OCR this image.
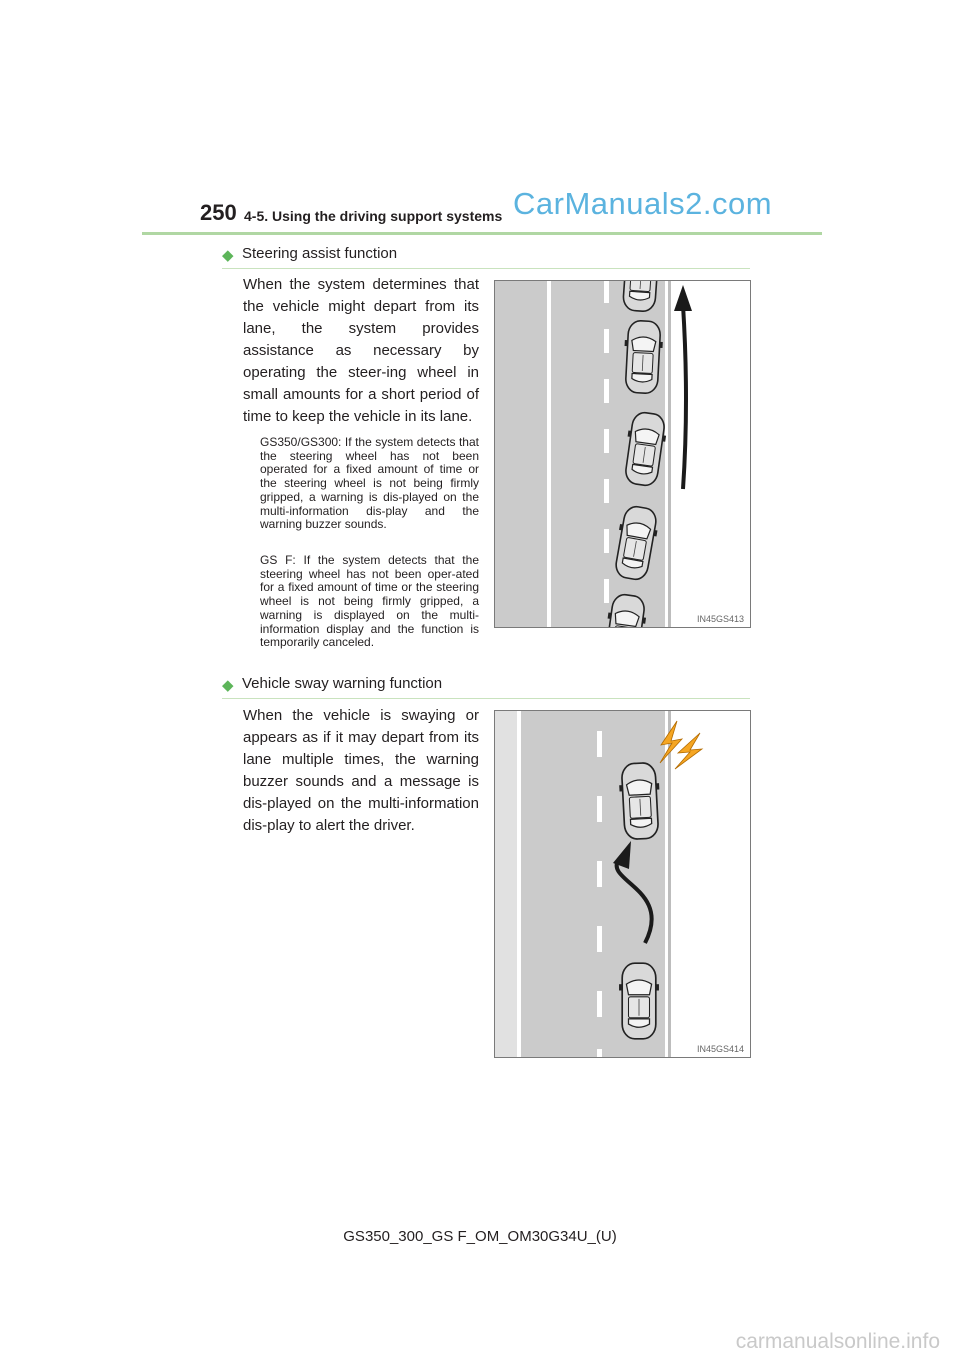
250 4-5. Using the driving support systems CarManuals2.com
◆ Steering assist function

When the system determines that the vehicle might depart from its lane, the system provides assistance as necessary by operating the steer-ing wheel in small amounts for a short period of time to keep the vehicle in its lane.

GS350/GS300: If the system detects that the steering wheel has not been operated for a fixed amount of time or the steering wheel is not being firmly gripped, a warning is dis-played on the multi-information dis-play and the warning buzzer sounds.

GS F: If the system detects that the steering wheel has not been oper-ated for a fixed amount of time or the steering wheel is not being firmly gripped, a warning is displayed on the multi-information display and the function is temporarily canceled.

IN45GS413
◆ Vehicle sway warning function

When the vehicle is swaying or appears as if it may depart from its lane multiple times, the warning buzzer sounds and a message is dis-played on the multi-information dis-play to alert the driver.

IN45GS414
GS350_300_GS F_OM_OM30G34U_(U)
carmanualsonline.info
